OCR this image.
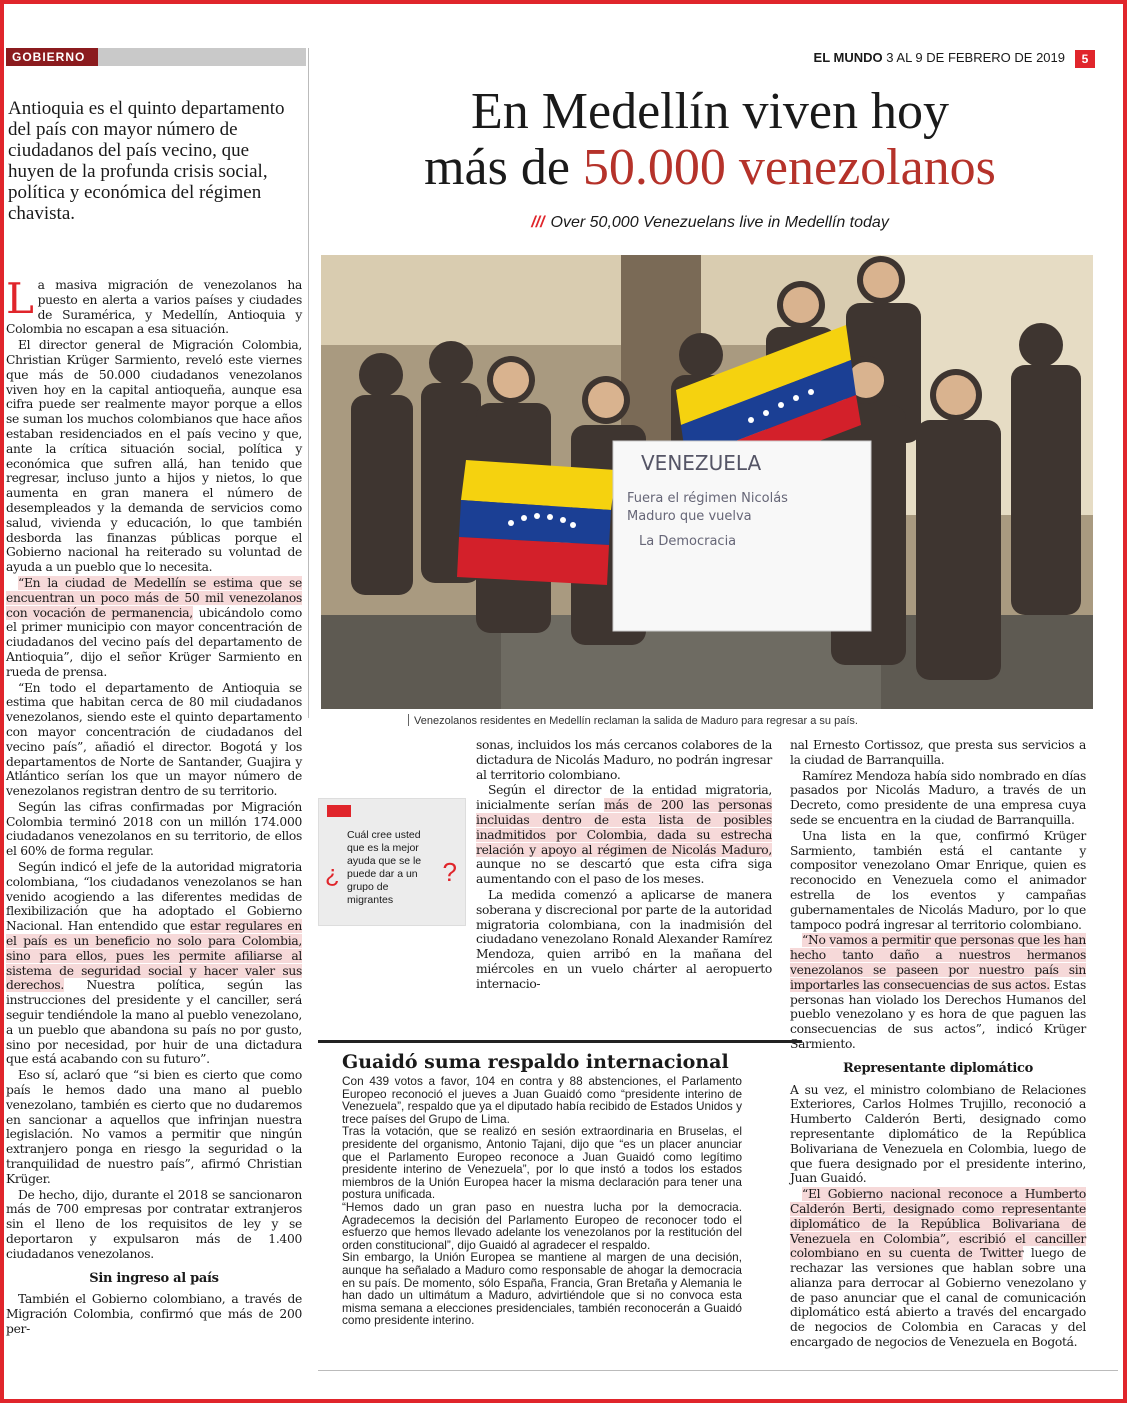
GOBIERNO	EL MUNDO 3 AL 9 DE FEBRERO DE 2019	5
En Medellín viven hoy
más de 50.000 venezolanos
/// Over 50,000 Venezuelans live in Medellín today
Antioquia es el quinto departamento del país con mayor número de ciudadanos del país vecino, que huyen de la profunda crisis social, política y económica del régimen chavista.

La masiva migración de venezolanos ha puesto en alerta a varios países y ciudades de Suramérica, y Medellín, Antioquia y Colombia no escapan a esa situación.

El director general de Migración Colombia, Christian Krüger Sarmiento, reveló este viernes que más de 50.000 ciudadanos venezolanos viven hoy en la capital antioqueña, aunque esa cifra puede ser realmente mayor porque a ellos se suman los muchos colombianos que hace años estaban residenciados en el país vecino y que, ante la crítica situación social, política y económica que sufren allá, han tenido que regresar, incluso junto a hijos y nietos, lo que aumenta en gran manera el número de desempleados y la demanda de servicios como salud, vivienda y educación, lo que también desborda las finanzas públicas porque el Gobierno nacional ha reiterado su voluntad de ayuda a un pueblo que lo necesita.

“En la ciudad de Medellín se estima que se encuentran un poco más de 50 mil venezolanos con vocación de permanencia, ubicándolo como el primer municipio con mayor concentración de ciudadanos del vecino país del departamento de Antioquia”, dijo el señor Krüger Sarmiento en rueda de prensa.

“En todo el departamento de Antioquia se estima que habitan cerca de 80 mil ciudadanos venezolanos, siendo este el quinto departamento con mayor concentración de ciudadanos del vecino país”, añadió el director. Bogotá y los departamentos de Norte de Santander, Guajira y Atlántico serían los que un mayor número de venezolanos registran dentro de su territorio.

Según las cifras confirmadas por Migración Colombia terminó 2018 con un millón 174.000 ciudadanos venezolanos en su territorio, de ellos el 60% de forma regular.

Según indicó el jefe de la autoridad migratoria colombiana, “los ciudadanos venezolanos se han venido acogiendo a las diferentes medidas de flexibilización que ha adoptado el Gobierno Nacional. Han entendido que estar regulares en el país es un beneficio no solo para Colombia, sino para ellos, pues les permite afiliarse al sistema de seguridad social y hacer valer sus derechos. Nuestra política, según las instrucciones del presidente y el canciller, será seguir tendiéndole la mano al pueblo venezolano, a un pueblo que abandona su país no por gusto, sino por necesidad, por huir de una dictadura que está acabando con su futuro”.

Eso sí, aclaró que “si bien es cierto que como país le hemos dado una mano al pueblo venezolano, también es cierto que no dudaremos en sancionar a aquellos que infrinjan nuestra legislación. No vamos a permitir que ningún extranjero ponga en riesgo la seguridad o la tranquilidad de nuestro país”, afirmó Christian Krüger.

De hecho, dijo, durante el 2018 se sancionaron más de 700 empresas por contratar extranjeros sin el lleno de los requisitos de ley y se deportaron y expulsaron más de 1.400 ciudadanos venezolanos.

Sin ingreso al país

También el Gobierno colombiano, a través de Migración Colombia, confirmó que más de 200 per-

VENEZUELA
Fuera el régimen Nicolás
Maduro que vuelva
La Democracia
Venezolanos residentes en Medellín reclaman la salida de Maduro para regresar a su país.
¿
Cuál cree usted que es la mejor ayuda que se le puede dar a un grupo de migrantes
?

sonas, incluidos los más cercanos colabores de la dictadura de Nicolás Maduro, no podrán ingresar al territorio colombiano.

Según el director de la entidad migratoria, inicialmente serían más de 200 las personas incluidas dentro de esta lista de posibles inadmitidos por Colombia, dada su estrecha relación y apoyo al régimen de Nicolás Maduro, aunque no se descartó que esta cifra siga aumentando con el paso de los meses.

La medida comenzó a aplicarse de manera soberana y discrecional por parte de la autoridad migratoria colombiana, con la inadmisión del ciudadano venezolano Ronald Alexander Ramírez Mendoza, quien arribó en la mañana del miércoles en un vuelo chárter al aeropuerto internacio-

nal Ernesto Cortissoz, que presta sus servicios a la ciudad de Barranquilla.

Ramírez Mendoza había sido nombrado en días pasados por Nicolás Maduro, a través de un Decreto, como presidente de una empresa cuya sede se encuentra en la ciudad de Barranquilla.

Una lista en la que, confirmó Krüger Sarmiento, también está el cantante y compositor venezolano Omar Enrique, quien es reconocido en Venezuela como el animador estrella de los eventos y campañas gubernamentales de Nicolás Maduro, por lo que tampoco podrá ingresar al territorio colombiano.

“No vamos a permitir que personas que les han hecho tanto daño a nuestros hermanos venezolanos se paseen por nuestro país sin importarles las consecuencias de sus actos. Estas personas han violado los Derechos Humanos del pueblo venezolano y es hora de que paguen las consecuencias de sus actos”, indicó Krüger Sarmiento.

Representante diplomático

A su vez, el ministro colombiano de Relaciones Exteriores, Carlos Holmes Trujillo, reconoció a Humberto Calderón Berti, designado como representante diplomático de la República Bolivariana de Venezuela en Colombia, luego de que fuera designado por el presidente interino, Juan Guaidó.

“El Gobierno nacional reconoce a Humberto Calderón Berti, designado como representante diplomático de la República Bolivariana de Venezuela en Colombia”, escribió el canciller colombiano en su cuenta de Twitter luego de rechazar las versiones que hablan sobre una alianza para derrocar al Gobierno venezolano y de paso anunciar que el canal de comunicación diplomático está abierto a través del encargado de negocios de Colombia en Caracas y del encargado de negocios de Venezuela en Bogotá.

Guaidó suma respaldo internacional

Con 439 votos a favor, 104 en contra y 88 abstenciones, el Parlamento Europeo reconoció el jueves a Juan Guaidó como “presidente interino de Venezuela”, respaldo que ya el diputado había recibido de Estados Unidos y trece países del Grupo de Lima.

Tras la votación, que se realizó en sesión extraordinaria en Bruselas, el presidente del organismo, Antonio Tajani, dijo que “es un placer anunciar que el Parlamento Europeo reconoce a Juan Guaidó como legítimo presidente interino de Venezuela”, por lo que instó a todos los estados miembros de la Unión Europea hacer la misma declaración para tener una postura unificada.

“Hemos dado un gran paso en nuestra lucha por la democracia. Agradecemos la decisión del Parlamento Europeo de reconocer todo el esfuerzo que hemos llevado adelante los venezolanos por la restitución del orden constitucional”, dijo Guaidó al agradecer el respaldo.

Sin embargo, la Unión Europea se mantiene al margen de una decisión, aunque ha señalado a Maduro como responsable de ahogar la democracia en su país. De momento, sólo España, Francia, Gran Bretaña y Alemania le han dado un ultimátum a Maduro, advirtiéndole que si no convoca esta misma semana a elecciones presidenciales, también reconocerán a Guaidó como presidente interino.
